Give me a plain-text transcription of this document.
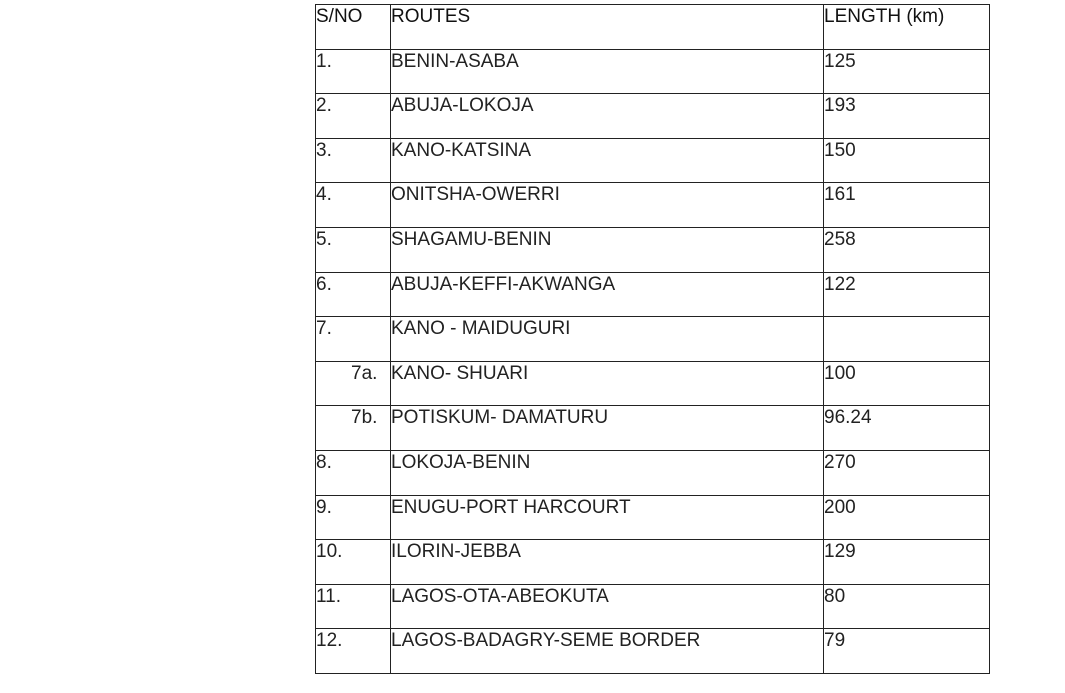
S/NO	ROUTES	LENGTH (km)
1.	BENIN-ASABA	125
2.	ABUJA-LOKOJA	193
3.	KANO-KATSINA	150
4.	ONITSHA-OWERRI	161
5.	SHAGAMU-BENIN	258
6.	ABUJA-KEFFI-AKWANGA	122
7.	KANO - MAIDUGURI	
7a.	KANO- SHUARI	100
7b.	POTISKUM- DAMATURU	96.24
8.	LOKOJA-BENIN	270
9.	ENUGU-PORT HARCOURT	200
10.	ILORIN-JEBBA	129
11.	LAGOS-OTA-ABEOKUTA	80
12.	LAGOS-BADAGRY-SEME BORDER	79
